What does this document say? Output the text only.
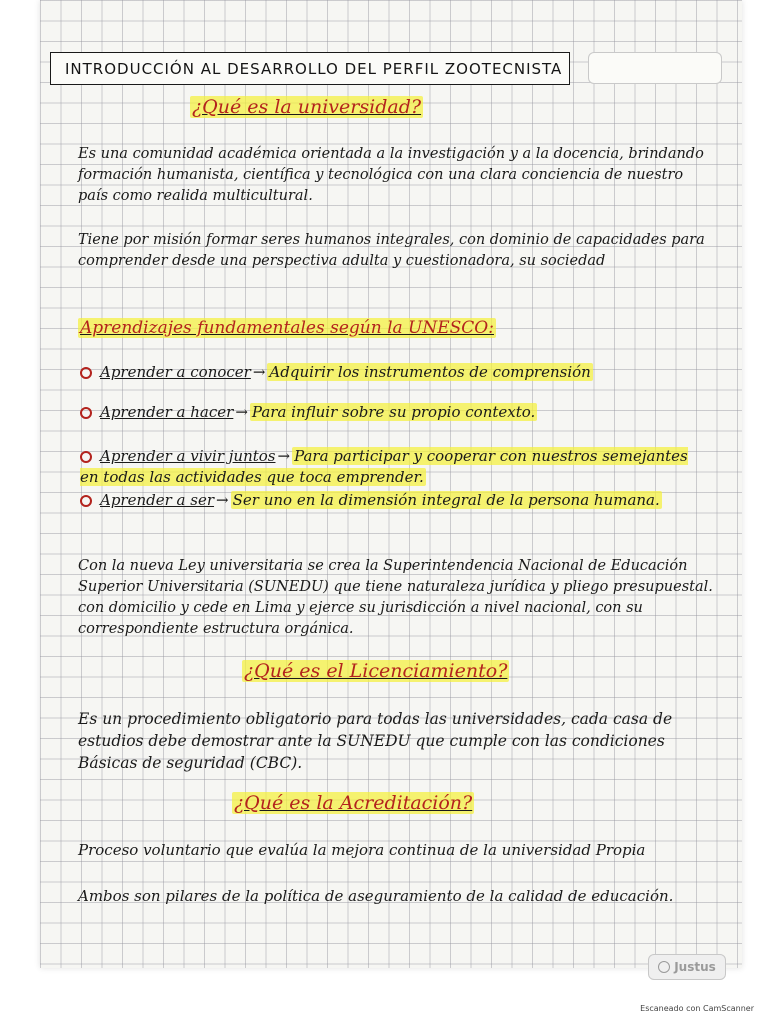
INTRODUCCIÓN AL DESARROLLO DEL PERFIL ZOOTECNISTA
¿Qué es la universidad?

Es una comunidad académica orientada a la investigación y a la docencia, brindando formación humanista, científica y tecnológica con una clara conciencia de nuestro país como realida multicultural.

Tiene por misión formar seres humanos integrales, con dominio de capacidades para comprender desde una perspectiva adulta y cuestionadora, su sociedad

Aprendizajes fundamentales según la UNESCO:
Aprender a conocer → Adquirir los instrumentos de comprensión
Aprender a hacer → Para influir sobre su propio contexto.
Aprender a vivir juntos → Para participar y cooperar con nuestros semejantes en todas las actividades que toca emprender.
Aprender a ser → Ser uno en la dimensión integral de la persona humana.

Con la nueva Ley universitaria se crea la Superintendencia Nacional de Educación Superior Universitaria (SUNEDU) que tiene naturaleza jurídica y pliego presupuestal. con domicilio y cede en Lima y ejerce su jurisdicción a nivel nacional, con su correspondiente estructura orgánica.

¿Qué es el Licenciamiento?

Es un procedimiento obligatorio para todas las universidades, cada casa de estudios debe demostrar ante la SUNEDU que cumple con las condiciones Básicas de seguridad (CBC).

¿Qué es la Acreditación?

Proceso voluntario que evalúa la mejora continua de la universidad Propia

Ambos son pilares de la política de aseguramiento de la calidad de educación.

Justus
Escaneado con CamScanner
